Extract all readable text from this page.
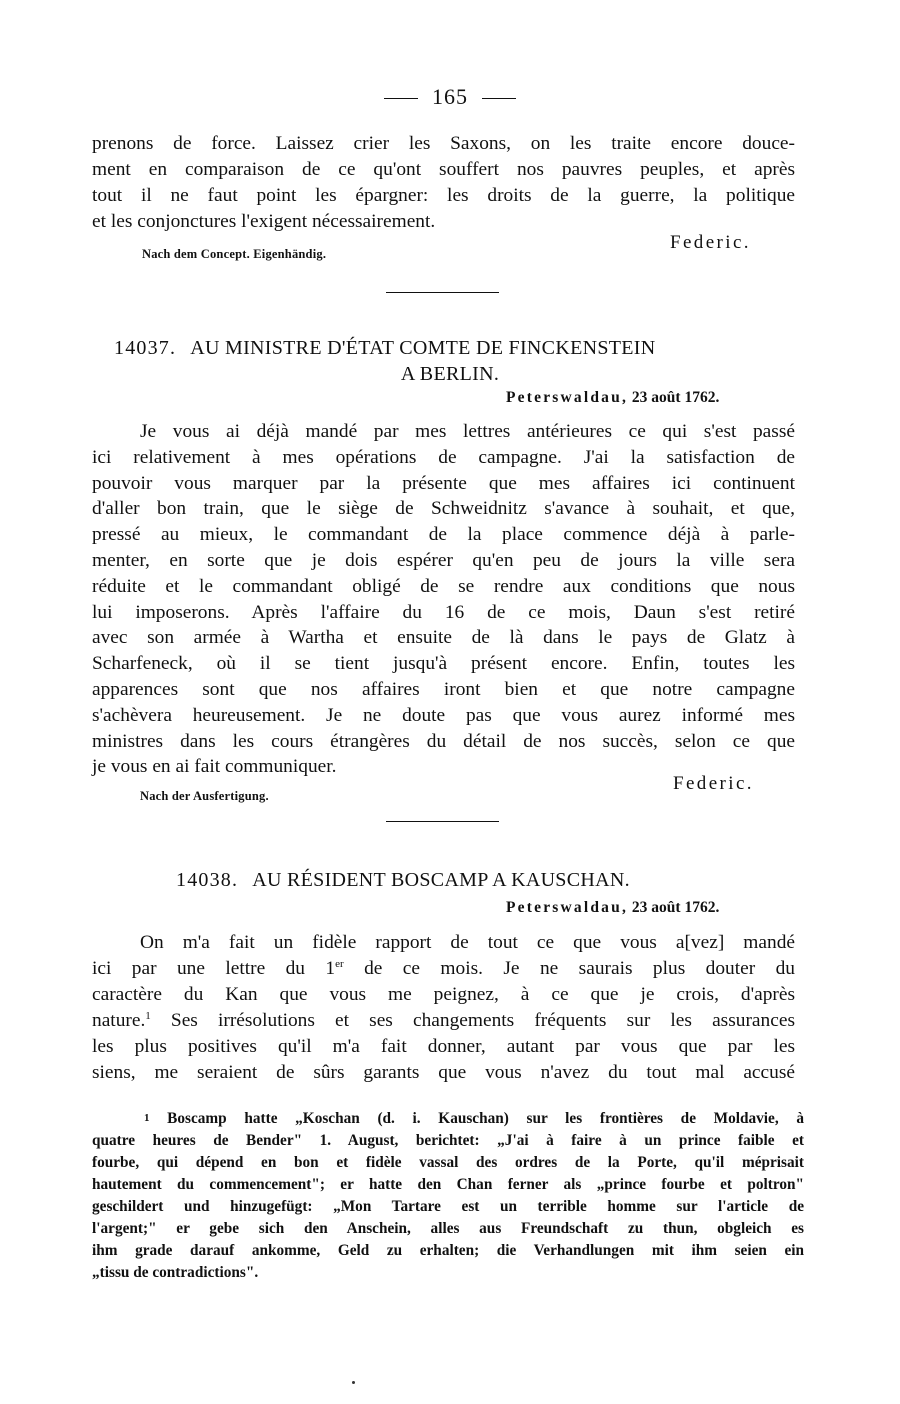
165
prenons de force. Laissez crier les Saxons, on les traite encore douce-
ment en comparaison de ce qu'ont souffert nos pauvres peuples, et après
tout il ne faut point les épargner: les droits de la guerre, la politique
et les conjonctures l'exigent nécessairement.
Nach dem Concept. Eigenhändig.
Federic.
14037. AU MINISTRE D'ÉTAT COMTE DE FINCKENSTEIN
A BERLIN.
Peterswaldau, 23 août 1762.
Je vous ai déjà mandé par mes lettres antérieures ce qui s'est passé
ici relativement à mes opérations de campagne. J'ai la satisfaction de
pouvoir vous marquer par la présente que mes affaires ici continuent
d'aller bon train, que le siège de Schweidnitz s'avance à souhait, et que,
pressé au mieux, le commandant de la place commence déjà à parle-
menter, en sorte que je dois espérer qu'en peu de jours la ville sera
réduite et le commandant obligé de se rendre aux conditions que nous
lui imposerons. Après l'affaire du 16 de ce mois, Daun s'est retiré
avec son armée à Wartha et ensuite de là dans le pays de Glatz à
Scharfeneck, où il se tient jusqu'à présent encore. Enfin, toutes les
apparences sont que nos affaires iront bien et que notre campagne
s'achèvera heureusement. Je ne doute pas que vous aurez informé mes
ministres dans les cours étrangères du détail de nos succès, selon ce que
je vous en ai fait communiquer.
Nach der Ausfertigung.
Federic.
14038. AU RÉSIDENT BOSCAMP A KAUSCHAN.
Peterswaldau, 23 août 1762.
On m'a fait un fidèle rapport de tout ce que vous a[vez] mandé
ici par une lettre du 1er de ce mois. Je ne saurais plus douter du
caractère du Kan que vous me peignez, à ce que je crois, d'après
nature.$^1$ Ses irrésolutions et ses changements fréquents sur les assurances
les plus positives qu'il m'a fait donner, autant par vous que par les
siens, me seraient de sûrs garants que vous n'avez du tout mal accusé
1 Boscamp hatte „Koschan (d. i. Kauschan) sur les frontières de Moldavie, à
quatre heures de Bender" 1. August, berichtet: „J'ai à faire à un prince faible et
fourbe, qui dépend en bon et fidèle vassal des ordres de la Porte, qu'il méprisait
hautement du commencement"; er hatte den Chan ferner als „prince fourbe et poltron"
geschildert und hinzugefügt: „Mon Tartare est un terrible homme sur l'article de
l'argent;" er gebe sich den Anschein, alles aus Freundschaft zu thun, obgleich es
ihm grade darauf ankomme, Geld zu erhalten; die Verhandlungen mit ihm seien ein
„tissu de contradictions".
